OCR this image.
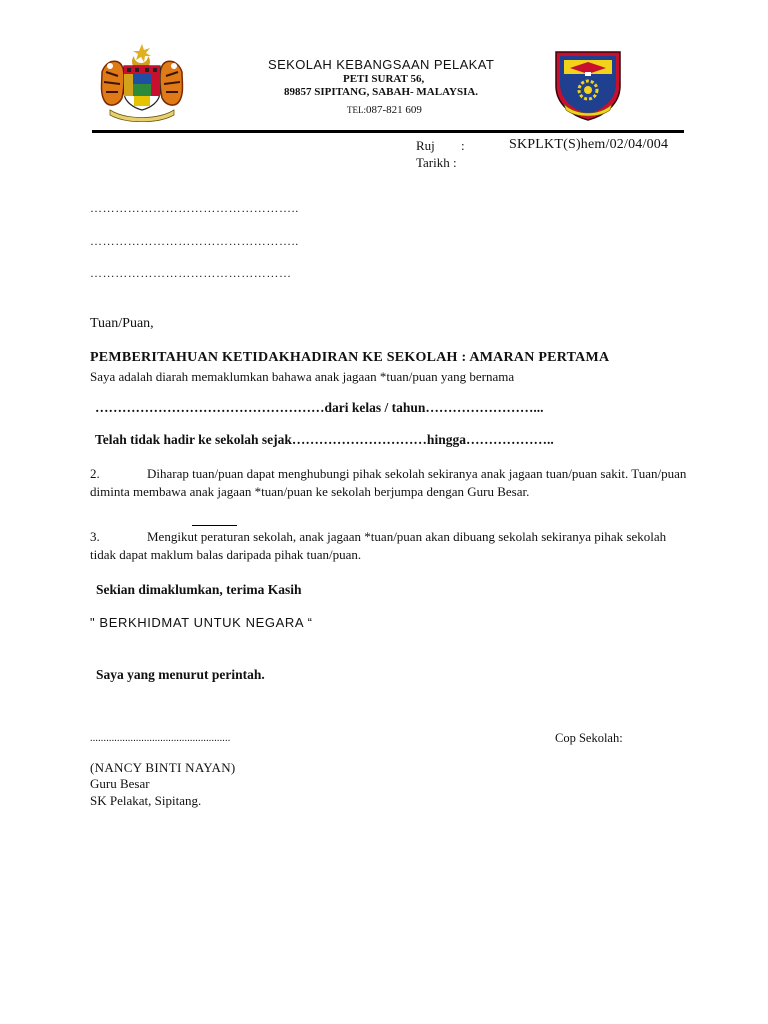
SEKOLAH KEBANGSAAN PELAKAT
PETI SURAT 56,
89857 SIPITANG, SABAH- MALAYSIA.
TEL:087-821 609
Ruj :	SKPLKT(S)hem/02/04/004
Tarikh :
…………………………………………..
…………………………………………..
…………………………………………
Tuan/Puan,
PEMBERITAHUAN KETIDAKHADIRAN KE SEKOLAH : AMARAN PERTAMA
Saya adalah diarah memaklumkan bahawa anak jagaan *tuan/puan yang bernama
……………………………………………dari kelas / tahun……………………...
Telah tidak hadir ke sekolah sejak…………………………hingga………………..

2.	Diharap tuan/puan dapat menghubungi pihak sekolah sekiranya anak jagaan tuan/puan sakit. Tuan/puan diminta membawa anak jagaan *tuan/puan ke sekolah berjumpa dengan Guru Besar.

3.	Mengikut peraturan sekolah, anak jagaan *tuan/puan akan dibuang sekolah sekiranya pihak sekolah tidak dapat maklum balas daripada pihak tuan/puan.

Sekian dimaklumkan, terima Kasih
" BERKHIDMAT UNTUK NEGARA “
Saya yang menurut perintah.
....................................................	Cop Sekolah:
(NANCY BINTI NAYAN)
Guru Besar
SK Pelakat, Sipitang.
